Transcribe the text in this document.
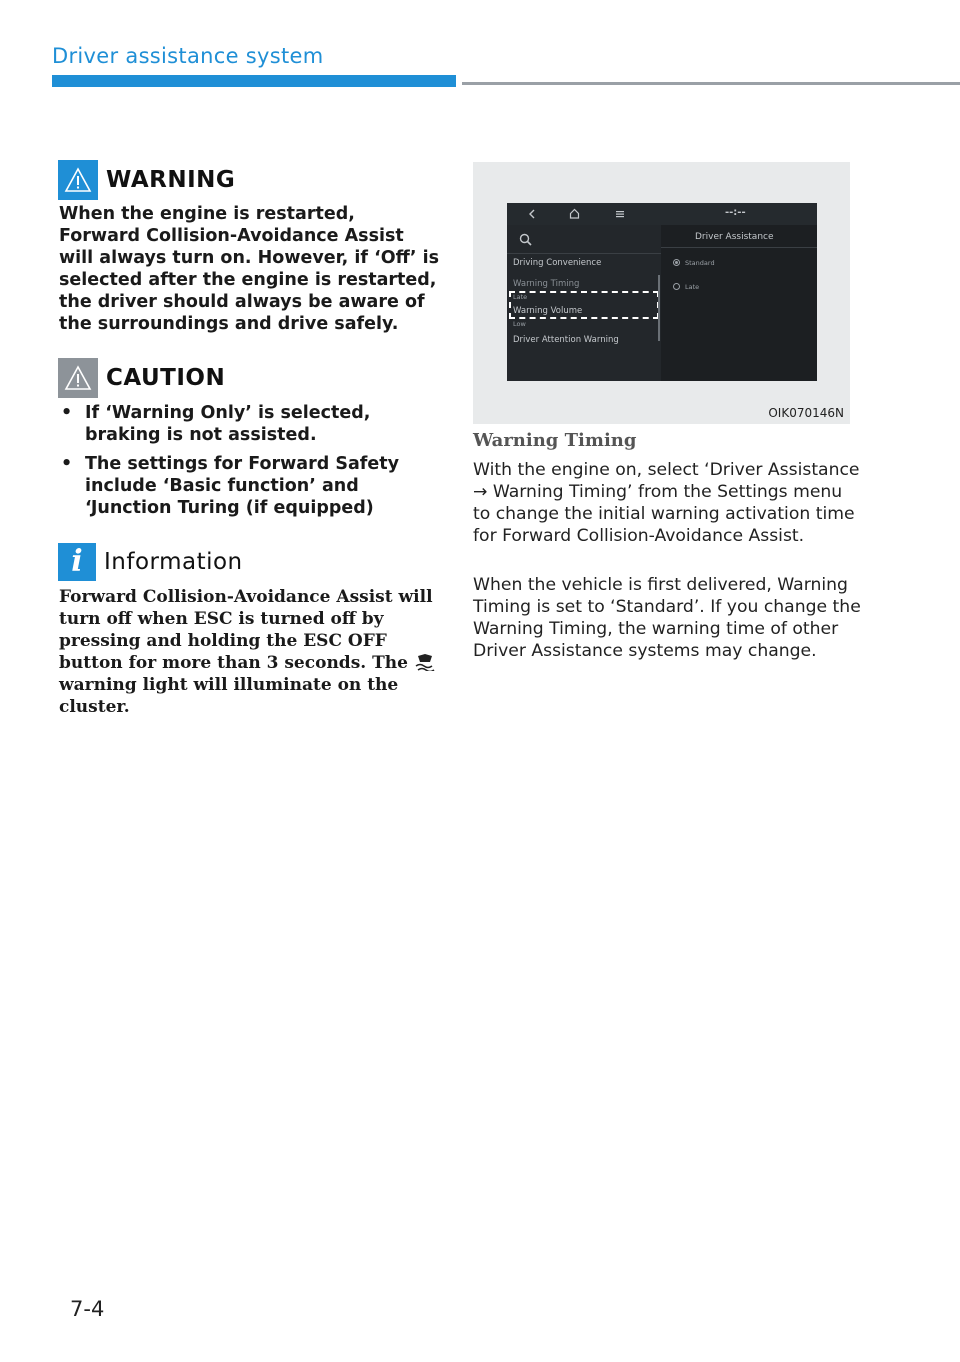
Driver assistance system
WARNING
When the engine is restarted, Forward Collision-Avoidance Assist will always turn on. However, if ‘Off’ is selected after the engine is restarted, the driver should always be aware of the surroundings and drive safely.
CAUTION
• If ‘Warning Only’ is selected, braking is not assisted.
• The settings for Forward Safety include ‘Basic function’ and ‘Junction Turing (if equipped)
i Information
Forward Collision-Avoidance Assist will turn off when ESC is turned off by pressing and holding the ESC OFF button for more than 3 seconds. The  warning light will illuminate on the cluster.
--:--
Driving Convenience
Warning Timing
Late
Warning Volume
Low
Driver Attention Warning
Driver Assistance
Standard
Late
OIK070146N
Warning Timing

With the engine on, select ‘Driver Assistance → Warning Timing’ from the Settings menu to change the initial warning activation time for Forward Collision-Avoidance Assist.

When the vehicle is first delivered, Warning Timing is set to ‘Standard’. If you change the Warning Timing, the warning time of other Driver Assistance systems may change.

7-4
